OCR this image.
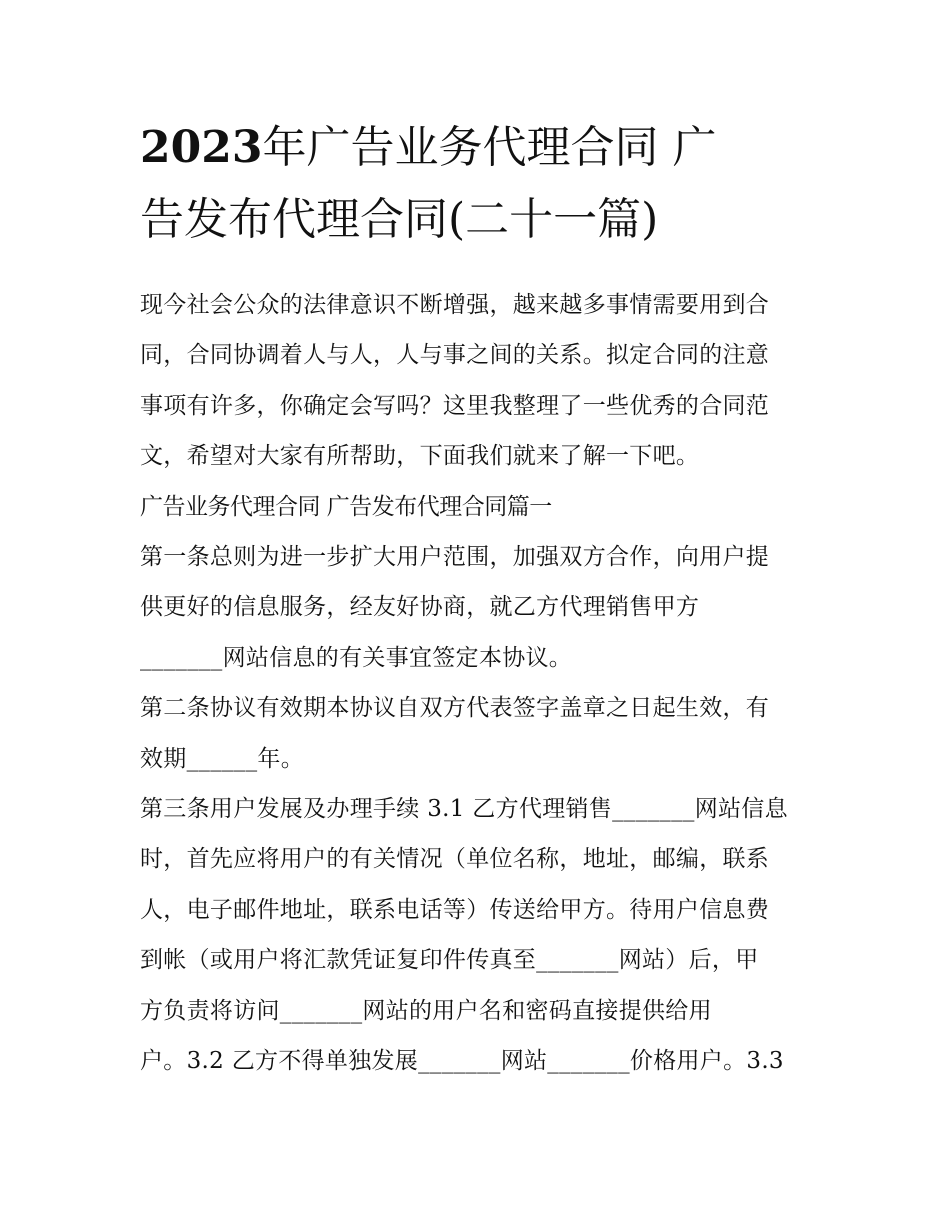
2023年广告业务代理合同 广
告发布代理合同(二十一篇)

现今社会公众的法律意识不断增强，越来越多事情需要用到合
同，合同协调着人与人，人与事之间的关系。拟定合同的注意
事项有许多，你确定会写吗？这里我整理了一些优秀的合同范
文，希望对大家有所帮助，下面我们就来了解一下吧。

广告业务代理合同 广告发布代理合同篇一

第一条总则为进一步扩大用户范围，加强双方合作，向用户提
供更好的信息服务，经友好协商，就乙方代理销售甲方
_______网站信息的有关事宜签定本协议。

第二条协议有效期本协议自双方代表签字盖章之日起生效，有
效期______年。

第三条用户发展及办理手续 3.1 乙方代理销售_______网站信息
时，首先应将用户的有关情况（单位名称，地址，邮编，联系
人，电子邮件地址，联系电话等）传送给甲方。待用户信息费
到帐（或用户将汇款凭证复印件传真至_______网站）后，甲
方负责将访问_______网站的用户名和密码直接提供给用
户。3.2 乙方不得单独发展_______网站_______价格用户。3.3
